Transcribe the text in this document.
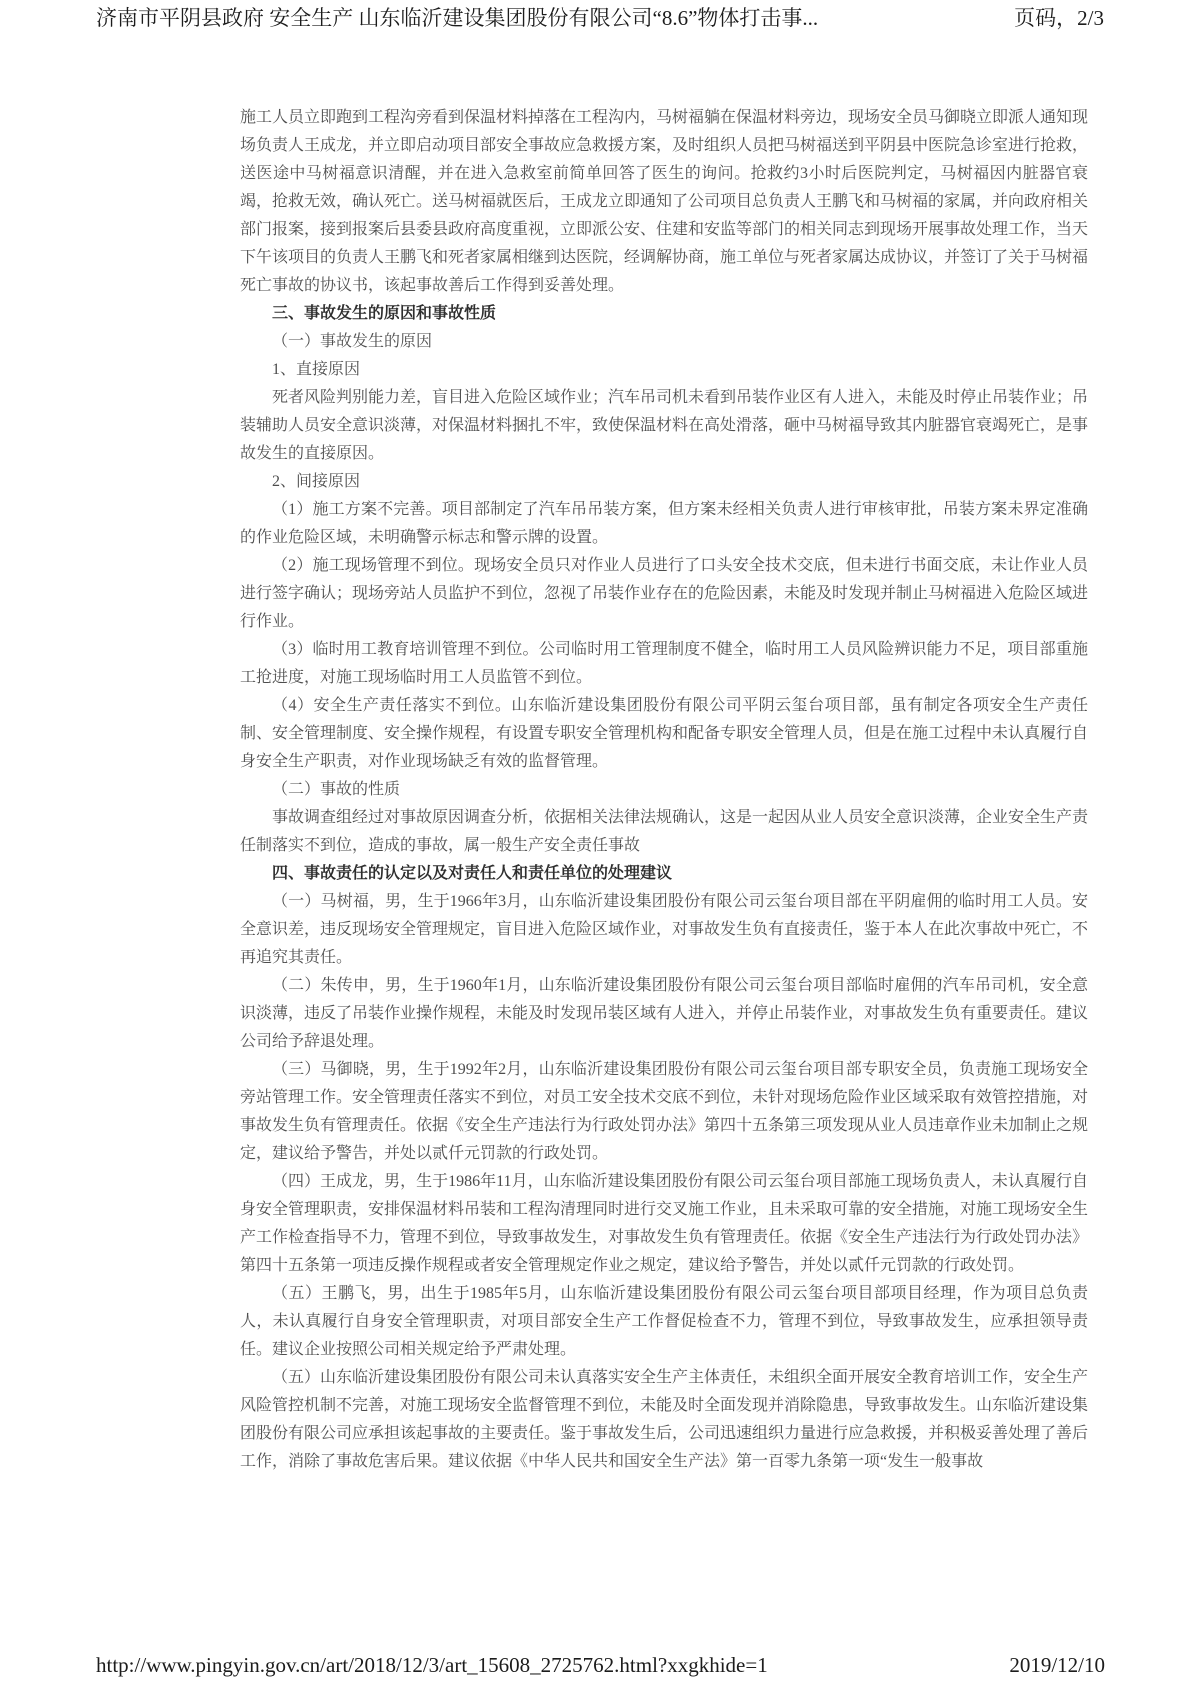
济南市平阴县政府 安全生产 山东临沂建设集团股份有限公司“8.6”物体打击事...	页码，2/3

施工人员立即跑到工程沟旁看到保温材料掉落在工程沟内，马树福躺在保温材料旁边，现场安全员马御晓立即派人通知现场负责人王成龙，并立即启动项目部安全事故应急救援方案，及时组织人员把马树福送到平阴县中医院急诊室进行抢救，送医途中马树福意识清醒，并在进入急救室前简单回答了医生的询问。抢救约3小时后医院判定，马树福因内脏器官衰竭，抢救无效，确认死亡。送马树福就医后，王成龙立即通知了公司项目总负责人王鹏飞和马树福的家属，并向政府相关部门报案，接到报案后县委县政府高度重视，立即派公安、住建和安监等部门的相关同志到现场开展事故处理工作，当天下午该项目的负责人王鹏飞和死者家属相继到达医院，经调解协商，施工单位与死者家属达成协议，并签订了关于马树福死亡事故的协议书，该起事故善后工作得到妥善处理。

三、事故发生的原因和事故性质

（一）事故发生的原因

1、直接原因

死者风险判别能力差，盲目进入危险区域作业；汽车吊司机未看到吊装作业区有人进入，未能及时停止吊装作业；吊装辅助人员安全意识淡薄，对保温材料捆扎不牢，致使保温材料在高处滑落，砸中马树福导致其内脏器官衰竭死亡，是事故发生的直接原因。

2、间接原因

（1）施工方案不完善。项目部制定了汽车吊吊装方案，但方案未经相关负责人进行审核审批，吊装方案未界定准确的作业危险区域，未明确警示标志和警示牌的设置。

（2）施工现场管理不到位。现场安全员只对作业人员进行了口头安全技术交底，但未进行书面交底，未让作业人员进行签字确认；现场旁站人员监护不到位，忽视了吊装作业存在的危险因素，未能及时发现并制止马树福进入危险区域进行作业。

（3）临时用工教育培训管理不到位。公司临时用工管理制度不健全，临时用工人员风险辨识能力不足，项目部重施工抢进度，对施工现场临时用工人员监管不到位。

（4）安全生产责任落实不到位。山东临沂建设集团股份有限公司平阴云玺台项目部，虽有制定各项安全生产责任制、安全管理制度、安全操作规程，有设置专职安全管理机构和配备专职安全管理人员，但是在施工过程中未认真履行自身安全生产职责，对作业现场缺乏有效的监督管理。

（二）事故的性质

事故调查组经过对事故原因调查分析，依据相关法律法规确认，这是一起因从业人员安全意识淡薄，企业安全生产责任制落实不到位，造成的事故，属一般生产安全责任事故

四、事故责任的认定以及对责任人和责任单位的处理建议

（一）马树福，男，生于1966年3月，山东临沂建设集团股份有限公司云玺台项目部在平阴雇佣的临时用工人员。安全意识差，违反现场安全管理规定，盲目进入危险区域作业，对事故发生负有直接责任，鉴于本人在此次事故中死亡，不再追究其责任。

（二）朱传申，男，生于1960年1月，山东临沂建设集团股份有限公司云玺台项目部临时雇佣的汽车吊司机，安全意识淡薄，违反了吊装作业操作规程，未能及时发现吊装区域有人进入，并停止吊装作业，对事故发生负有重要责任。建议公司给予辞退处理。

（三）马御晓，男，生于1992年2月，山东临沂建设集团股份有限公司云玺台项目部专职安全员，负责施工现场安全旁站管理工作。安全管理责任落实不到位，对员工安全技术交底不到位，未针对现场危险作业区域采取有效管控措施，对事故发生负有管理责任。依据《安全生产违法行为行政处罚办法》第四十五条第三项发现从业人员违章作业未加制止之规定，建议给予警告，并处以贰仟元罚款的行政处罚。

（四）王成龙，男，生于1986年11月，山东临沂建设集团股份有限公司云玺台项目部施工现场负责人，未认真履行自身安全管理职责，安排保温材料吊装和工程沟清理同时进行交叉施工作业，且未采取可靠的安全措施，对施工现场安全生产工作检查指导不力，管理不到位，导致事故发生，对事故发生负有管理责任。依据《安全生产违法行为行政处罚办法》第四十五条第一项违反操作规程或者安全管理规定作业之规定，建议给予警告，并处以贰仟元罚款的行政处罚。

（五）王鹏飞，男，出生于1985年5月，山东临沂建设集团股份有限公司云玺台项目部项目经理，作为项目总负责人，未认真履行自身安全管理职责，对项目部安全生产工作督促检查不力，管理不到位，导致事故发生，应承担领导责任。建议企业按照公司相关规定给予严肃处理。

（五）山东临沂建设集团股份有限公司未认真落实安全生产主体责任，未组织全面开展安全教育培训工作，安全生产风险管控机制不完善，对施工现场安全监督管理不到位，未能及时全面发现并消除隐患，导致事故发生。山东临沂建设集团股份有限公司应承担该起事故的主要责任。鉴于事故发生后，公司迅速组织力量进行应急救援，并积极妥善处理了善后工作，消除了事故危害后果。建议依据《中华人民共和国安全生产法》第一百零九条第一项“发生一般事故

http://www.pingyin.gov.cn/art/2018/12/3/art_15608_2725762.html?xxgkhide=1	2019/12/10
